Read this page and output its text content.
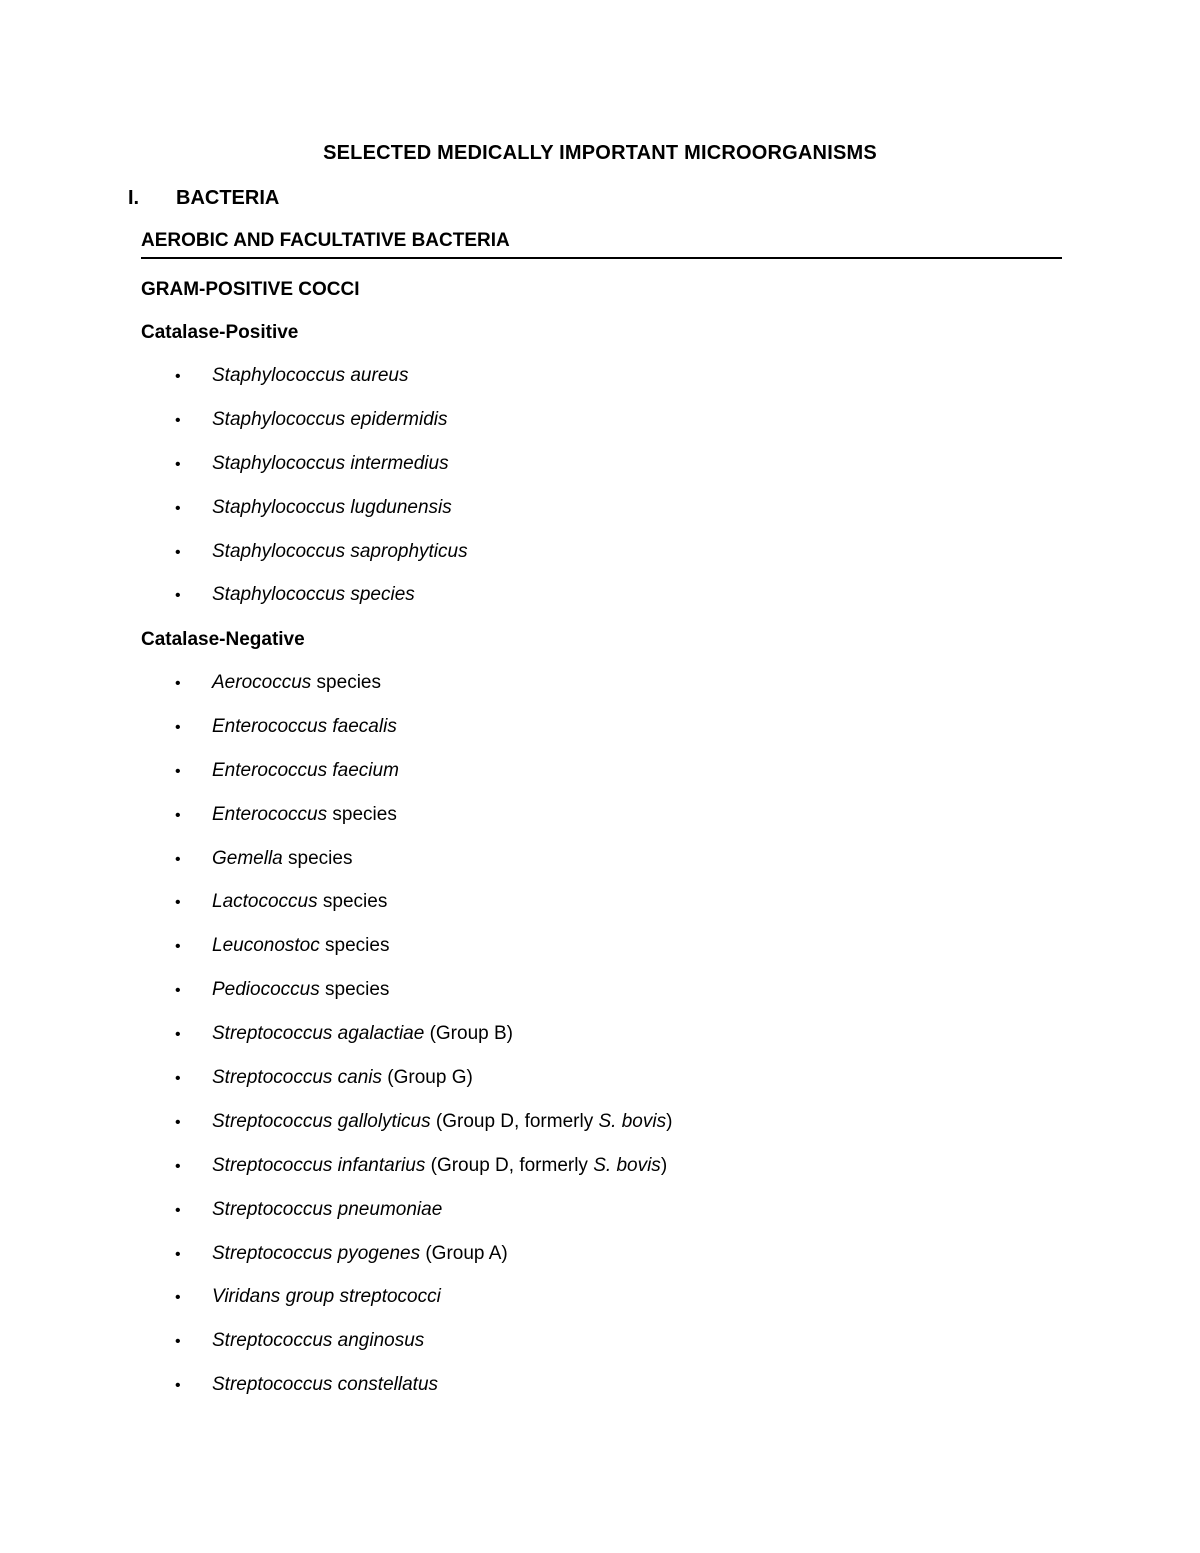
SELECTED MEDICALLY IMPORTANT MICROORGANISMS
I. BACTERIA
AEROBIC AND FACULTATIVE BACTERIA
GRAM-POSITIVE COCCI
Catalase-Positive
• Staphylococcus aureus
• Staphylococcus epidermidis
• Staphylococcus intermedius
• Staphylococcus lugdunensis
• Staphylococcus saprophyticus
• Staphylococcus species
Catalase-Negative
• Aerococcus species
• Enterococcus faecalis
• Enterococcus faecium
• Enterococcus species
• Gemella species
• Lactococcus species
• Leuconostoc species
• Pediococcus species
• Streptococcus agalactiae (Group B)
• Streptococcus canis (Group G)
• Streptococcus gallolyticus (Group D, formerly S. bovis)
• Streptococcus infantarius (Group D, formerly S. bovis)
• Streptococcus pneumoniae
• Streptococcus pyogenes (Group A)
• Viridans group streptococci
• Streptococcus anginosus
• Streptococcus constellatus
